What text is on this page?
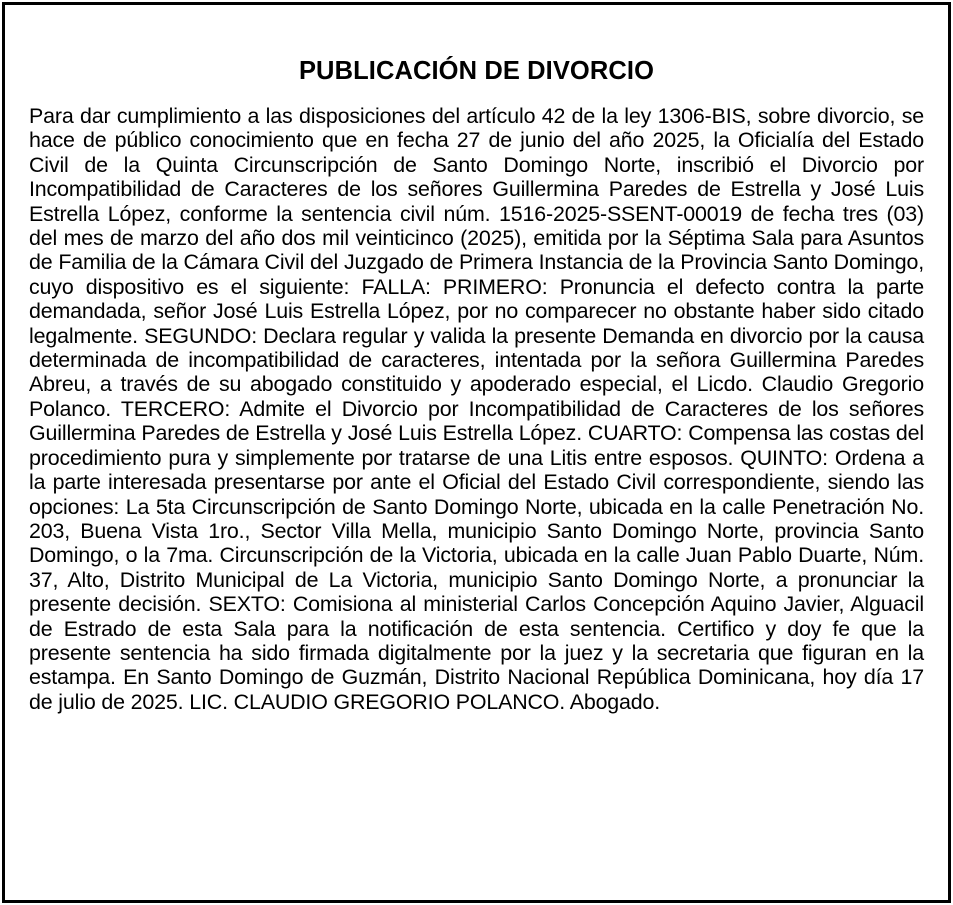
PUBLICACIÓN DE DIVORCIO

Para dar cumplimiento a las disposiciones del artículo 42 de la ley 1306-BIS, sobre divorcio, se hace de público conocimiento que en fecha 27 de junio del año 2025, la Oficialía del Estado Civil de la Quinta Circunscripción de Santo Domingo Norte, inscribió el Divorcio por Incompatibilidad de Caracteres de los señores Guillermina Paredes de Estrella y José Luis Estrella López, conforme la sentencia civil núm. 1516-2025-SSENT-00019 de fecha tres (03) del mes de marzo del año dos mil veinticinco (2025), emitida por la Séptima Sala para Asuntos de Familia de la Cámara Civil del Juzgado de Primera Instancia de la Provincia Santo Domingo, cuyo dispositivo es el siguiente: FALLA: PRIMERO: Pronuncia el defecto contra la parte demandada, señor José Luis Estrella López, por no comparecer no obstante haber sido citado legalmente. SEGUNDO: Declara regular y valida la presente Demanda en divorcio por la causa determinada de incompatibilidad de caracteres, intentada por la señora Guillermina Paredes Abreu, a través de su abogado constituido y apoderado especial, el Licdo. Claudio Gregorio Polanco. TERCERO: Admite el Divorcio por Incompatibilidad de Caracteres de los señores Guillermina Paredes de Estrella y José Luis Estrella López. CUARTO: Compensa las costas del procedimiento pura y simplemente por tratarse de una Litis entre esposos. QUINTO: Ordena a la parte interesada presentarse por ante el Oficial del Estado Civil correspondiente, siendo las opciones: La 5ta Circunscripción de Santo Domingo Norte, ubicada en la calle Penetración No. 203, Buena Vista 1ro., Sector Villa Mella, municipio Santo Domingo Norte, provincia Santo Domingo, o la 7ma. Circunscripción de la Victoria, ubicada en la calle Juan Pablo Duarte, Núm. 37, Alto, Distrito Municipal de La Victoria, municipio Santo Domingo Norte, a pronunciar la presente decisión. SEXTO: Comisiona al ministerial Carlos Concepción Aquino Javier, Alguacil de Estrado de esta Sala para la notificación de esta sentencia. Certifico y doy fe que la presente sentencia ha sido firmada digitalmente por la juez y la secretaria que figuran en la estampa. En Santo Domingo de Guzmán, Distrito Nacional República Dominicana, hoy día 17 de julio de 2025. LIC. CLAUDIO GREGORIO POLANCO. Abogado.
